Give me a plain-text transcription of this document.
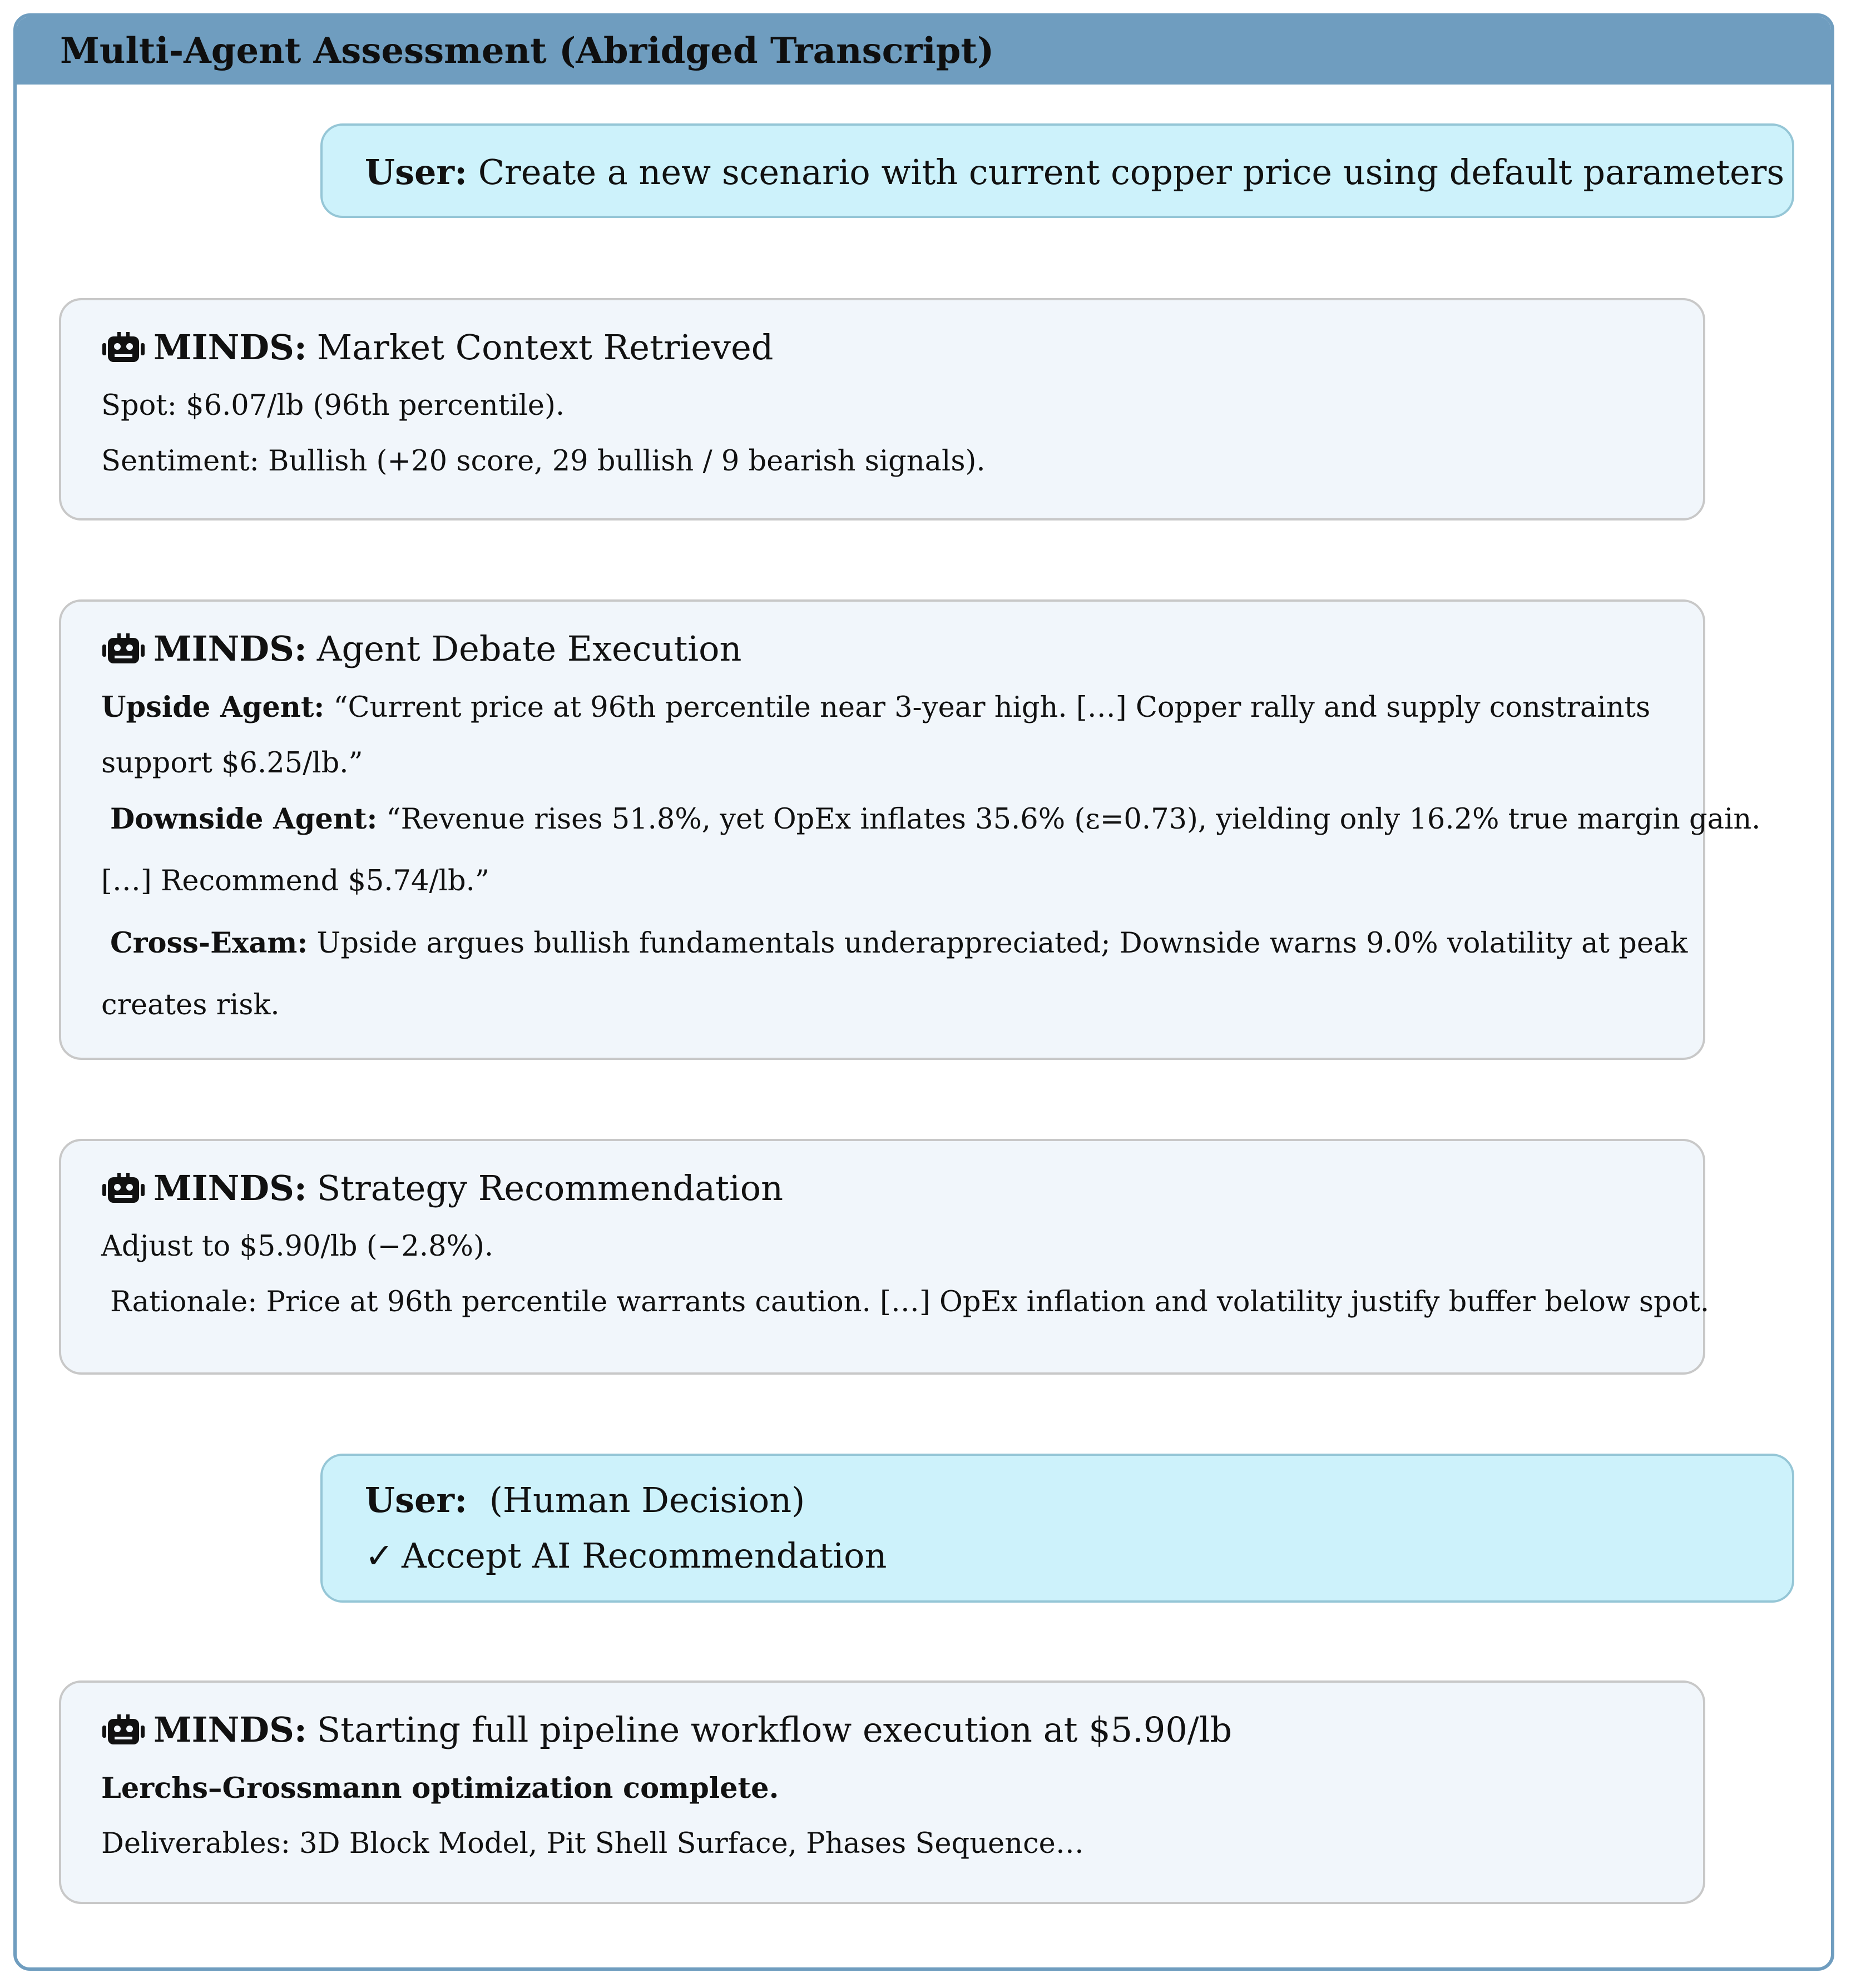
Multi-Agent Assessment (Abridged Transcript)
User: Create a new scenario with current copper price using default parameters
MINDS: Market Context Retrieved
Spot: $6.07/lb (96th percentile).
Sentiment: Bullish (+20 score, 29 bullish / 9 bearish signals).
MINDS: Agent Debate Execution
Upside Agent: “Current price at 96th percentile near 3-year high. […] Copper rally and supply constraints
support $6.25/lb.”
Downside Agent: “Revenue rises 51.8%, yet OpEx inflates 35.6% (ε=0.73), yielding only 16.2% true margin gain.
[…] Recommend $5.74/lb.”
Cross-Exam: Upside argues bullish fundamentals underappreciated; Downside warns 9.0% volatility at peak
creates risk.
MINDS: Strategy Recommendation
Adjust to $5.90/lb (−2.8%).
Rationale: Price at 96th percentile warrants caution. […] OpEx inflation and volatility justify buffer below spot.
User: (Human Decision)
✓ Accept AI Recommendation
MINDS: Starting full pipeline workflow execution at $5.90/lb
Lerchs–Grossmann optimization complete.
Deliverables: 3D Block Model, Pit Shell Surface, Phases Sequence…
